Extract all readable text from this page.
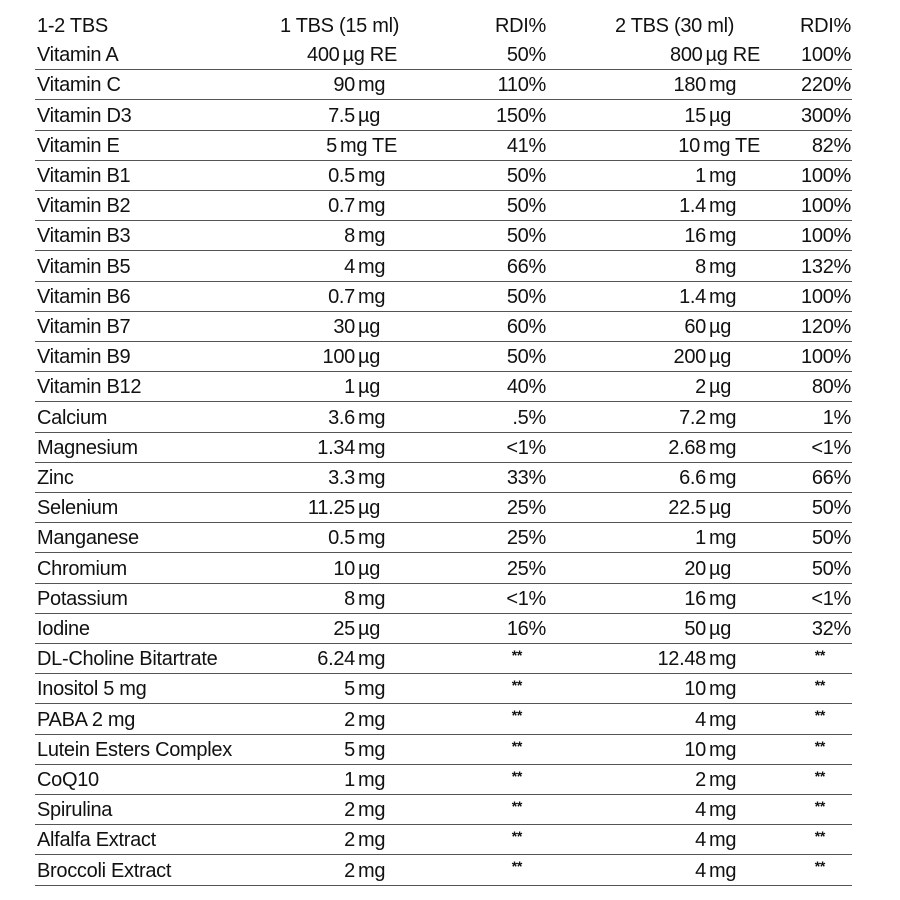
1-2 TBS	1 TBS (15 ml)	RDI%	2 TBS (30 ml)	RDI%
Vitamin A	400 µg RE	50%	800 µg RE 100%
Vitamin C	90 mg	110%	180 mg	220%
Vitamin D3	7.5 µg	150%	15 µg	300%
Vitamin E	5 mg TE	41%	10 mg TE	82%
Vitamin B1	0.5 mg	50%	1 mg	100%
Vitamin B2	0.7 mg	50%	1.4 mg	100%
Vitamin B3	8 mg	50%	16 mg	100%
Vitamin B5	4 mg	66%	8 mg	132%
Vitamin B6	0.7 mg	50%	1.4 mg	100%
Vitamin B7	30 µg	60%	60 µg	120%
Vitamin B9	100 µg	50%	200 µg	100%
Vitamin B12	1 µg	40%	2 µg	80%
Calcium	3.6 mg	.5%	7.2 mg	1%
Magnesium	1.34 mg	<1%	2.68 mg	<1%
Zinc	3.3 mg	33%	6.6 mg	66%
Selenium	11.25 µg	25%	22.5 µg	50%
Manganese	0.5 mg	25%	1 mg	50%
Chromium	10 µg	25%	20 µg	50%
Potassium	8 mg	<1%	16 mg	<1%
Iodine	25 µg	16%	50 µg	32%
DL-Choline Bitartrate	6.24 mg	**	12.48 mg	**
Inositol 5 mg	5 mg	**	10 mg	**
PABA 2 mg	2 mg	**	4 mg	**
Lutein Esters Complex	5 mg	**	10 mg	**
CoQ10	1 mg	**	2 mg	**
Spirulina	2 mg	**	4 mg	**
Alfalfa Extract	2 mg	**	4 mg	**
Broccoli Extract	2 mg	**	4 mg	**
